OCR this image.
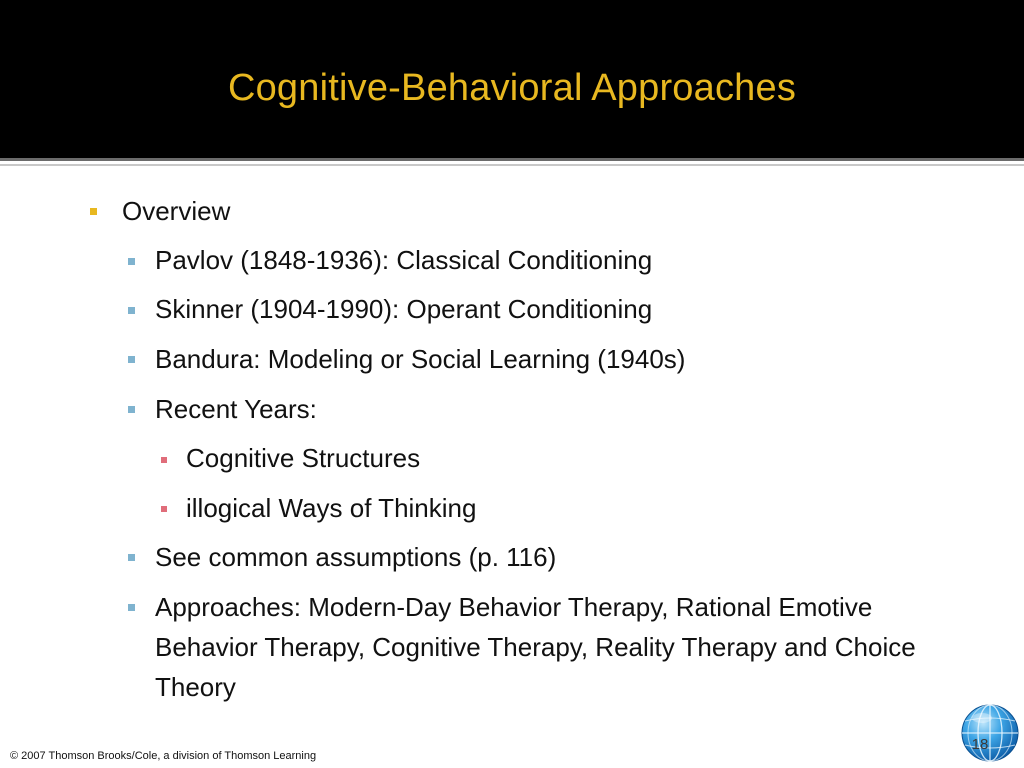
Cognitive-Behavioral Approaches
Overview
Pavlov (1848-1936): Classical Conditioning
Skinner (1904-1990): Operant Conditioning
Bandura: Modeling or Social Learning (1940s)
Recent Years:
Cognitive Structures
illogical Ways of Thinking
See common assumptions (p. 116)
Approaches: Modern-Day Behavior Therapy, Rational Emotive Behavior Therapy, Cognitive Therapy, Reality Therapy and Choice Theory
© 2007 Thomson Brooks/Cole, a division of Thomson Learning
18
